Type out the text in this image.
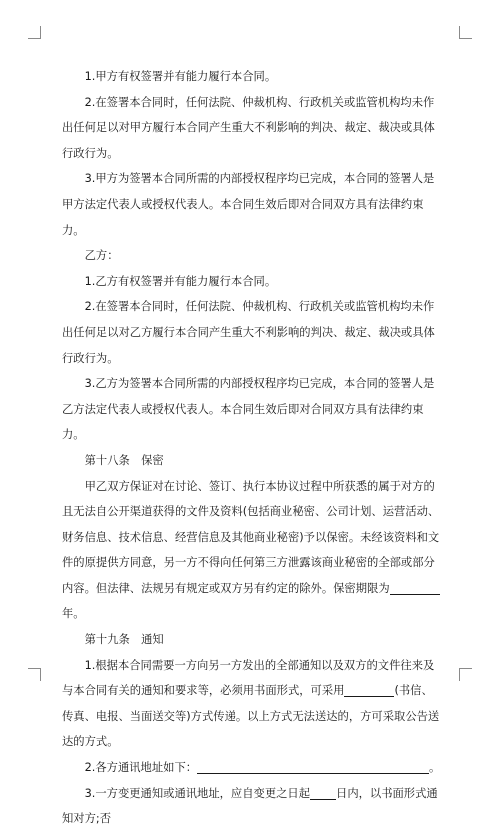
1.甲方有权签署并有能力履行本合同。

2.在签署本合同时，任何法院、仲裁机构、行政机关或监管机构均未作出任何足以对甲方履行本合同产生重大不利影响的判决、裁定、裁决或具体行政行为。

3.甲方为签署本合同所需的内部授权程序均已完成，本合同的签署人是甲方法定代表人或授权代表人。本合同生效后即对合同双方具有法律约束力。

乙方：

1.乙方有权签署并有能力履行本合同。

2.在签署本合同时，任何法院、仲裁机构、行政机关或监管机构均未作出任何足以对乙方履行本合同产生重大不利影响的判决、裁定、裁决或具体行政行为。

3.乙方为签署本合同所需的内部授权程序均已完成，本合同的签署人是乙方法定代表人或授权代表人。本合同生效后即对合同双方具有法律约束力。

第十八条　保密

甲乙双方保证对在讨论、签订、执行本协议过程中所获悉的属于对方的且无法自公开渠道获得的文件及资料(包括商业秘密、公司计划、运营活动、财务信息、技术信息、经营信息及其他商业秘密)予以保密。未经该资料和文件的原提供方同意，另一方不得向任何第三方泄露该商业秘密的全部或部分内容。但法律、法规另有规定或双方另有约定的除外。保密期限为年。

第十九条　通知

1.根据本合同需要一方向另一方发出的全部通知以及双方的文件往来及与本合同有关的通知和要求等，必须用书面形式，可采用	(书信、传真、电报、当面送交等)方式传递。以上方式无法送达的，方可采取公告送达的方式。

2.各方通讯地址如下：	。

3.一方变更通知或通讯地址，应自变更之日起 日内，以书面形式通知对方;否
